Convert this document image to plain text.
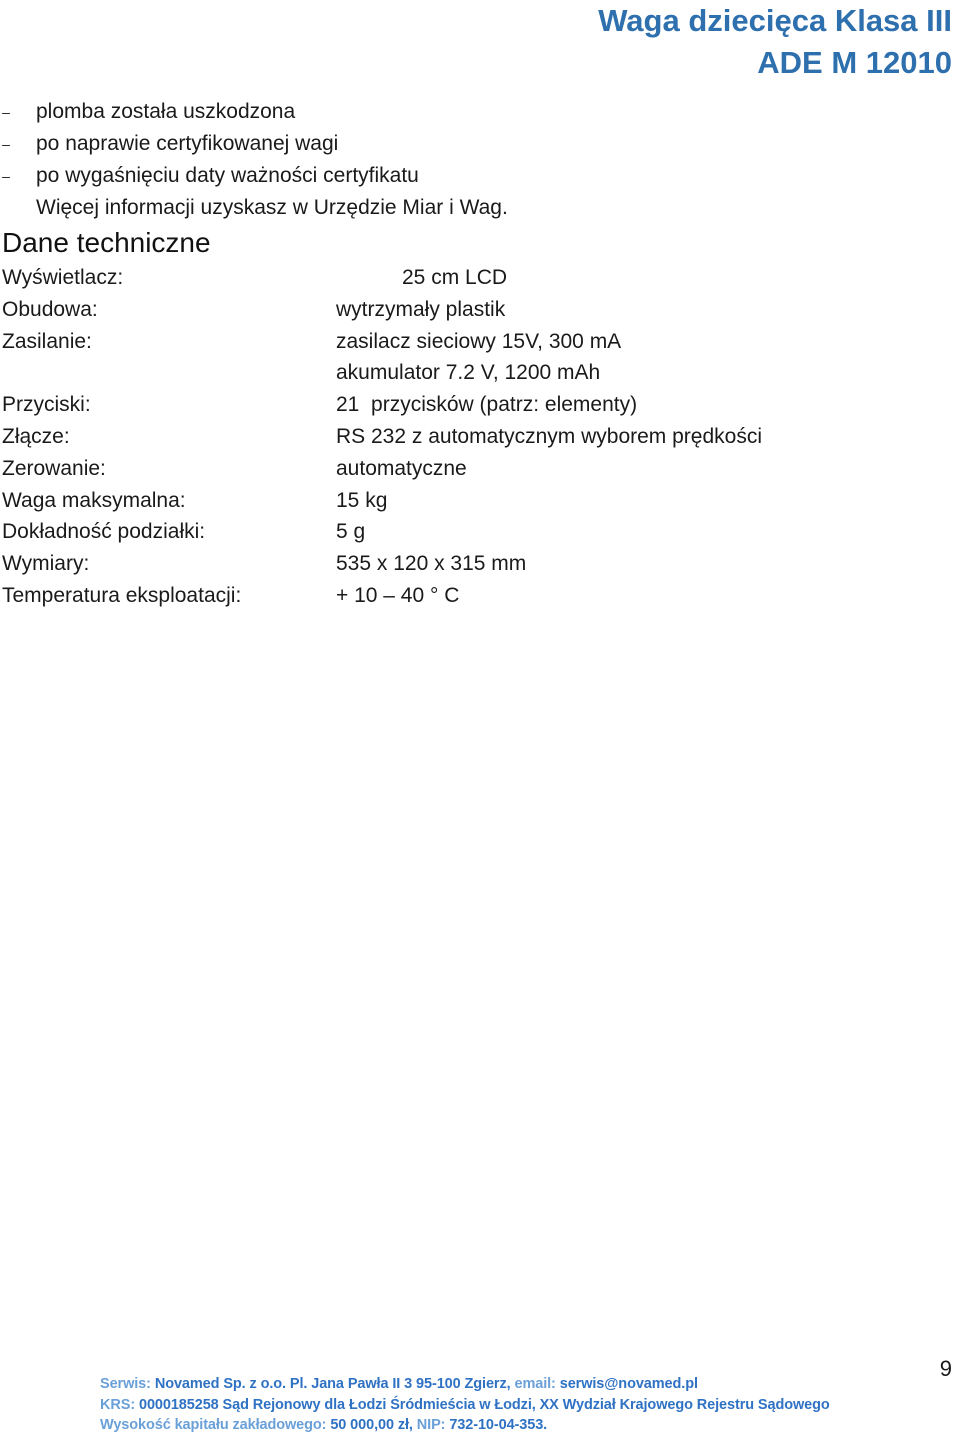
Waga dziecięca Klasa III
ADE M 12010
– plomba została uszkodzona
– po naprawie certyfikowanej wagi
– po wygaśnięciu daty ważności certyfikatu
Więcej informacji uzyskasz w Urzędzie Miar i Wag.
Dane techniczne
Wyświetlacz:	25 cm LCD
Obudowa:	wytrzymały plastik
Zasilanie:	zasilacz sieciowy 15V, 300 mA
akumulator 7.2 V, 1200 mAh
Przyciski:	21  przycisków (patrz: elementy)
Złącze:	RS 232 z automatycznym wyborem prędkości
Zerowanie:	automatyczne
Waga maksymalna:	15 kg
Dokładność podziałki:	5 g
Wymiary:	535 x 120 x 315 mm
Temperatura eksploatacji:	+ 10 – 40 ° C
9
Serwis: Novamed Sp. z o.o. Pl. Jana Pawła II 3 95-100 Zgierz, email: serwis@novamed.pl
KRS: 0000185258 Sąd Rejonowy dla Łodzi Śródmieścia w Łodzi, XX Wydział Krajowego Rejestru Sądowego
Wysokość kapitału zakładowego: 50 000,00 zł, NIP: 732-10-04-353.
